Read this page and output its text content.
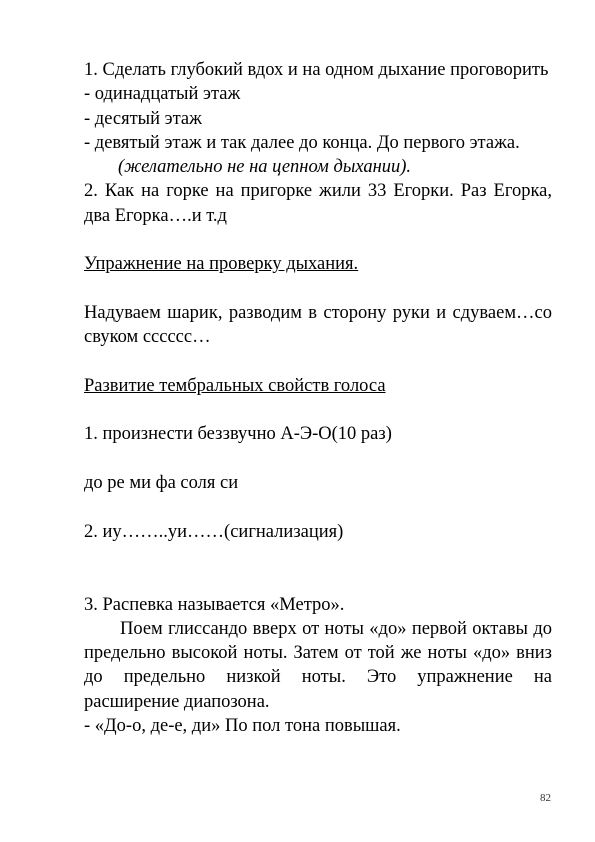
1. Сделать глубокий вдох и на одном дыхание проговорить

- одинадцатый этаж

- десятый этаж

- девятый этаж и так далее до конца. До первого этажа.

(желательно не на цепном дыхании).

2. Как на горке на пригорке жили 33 Егорки. Раз Егорка, два Егорка….и т.д

Упражнение на проверку дыхания.

Надуваем шарик, разводим в сторону руки и сдуваем…со свуком сссссс…

Развитие тембральных свойств голоса

1. произнести беззвучно А-Э-О(10 раз)

до ре ми фа соля си

2. иу……..уи……(сигнализация)

3. Распевка называется «Метро».

Поем глиссандо вверх от ноты «до» первой октавы до предельно высокой ноты. Затем от той же ноты «до» вниз до предельно низкой ноты. Это упражнение на расширение диапозона.

- «До-о, де-е, ди» По пол тона повышая.

82
